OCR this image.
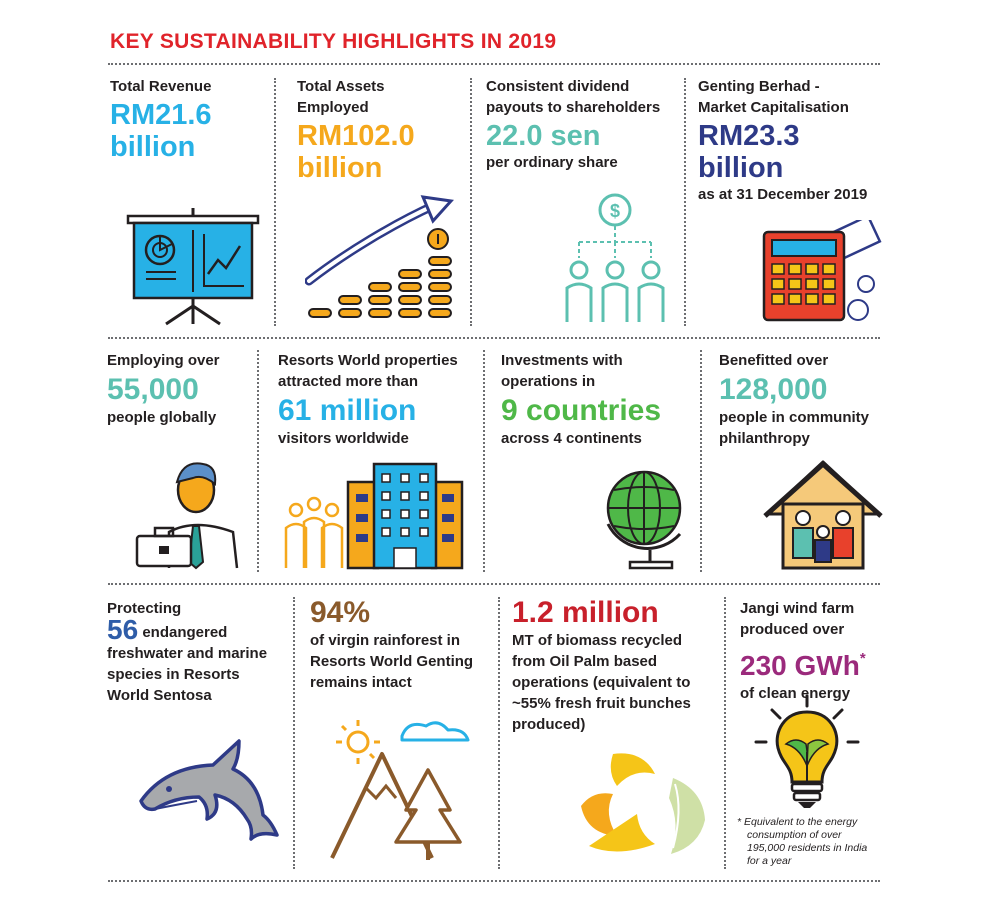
KEY SUSTAINABILITY HIGHLIGHTS IN 2019
Total Revenue
RM21.6
billion
Total Assets
Employed
RM102.0
billion
Consistent dividend
payouts to shareholders
22.0 sen
per ordinary share
$
Genting Berhad -
Market Capitalisation
RM23.3
billion
as at 31 December 2019
Employing over
55,000
people globally
Resorts World properties
attracted more than
61 million
visitors worldwide
Investments with
operations in
9 countries
across 4 continents
Benefitted over
128,000
people in community
philanthropy
Protecting
56 endangered
freshwater and marine
species in Resorts
World Sentosa
94%
of virgin rainforest in
Resorts World Genting
remains intact
1.2 million
MT of biomass recycled
from Oil Palm based
operations (equivalent to
~55% fresh fruit bunches
produced)
Jangi wind farm
produced over
230 GWh*
of clean energy
* Equivalent to the energy consumption of over 195,000 residents in India for a year
